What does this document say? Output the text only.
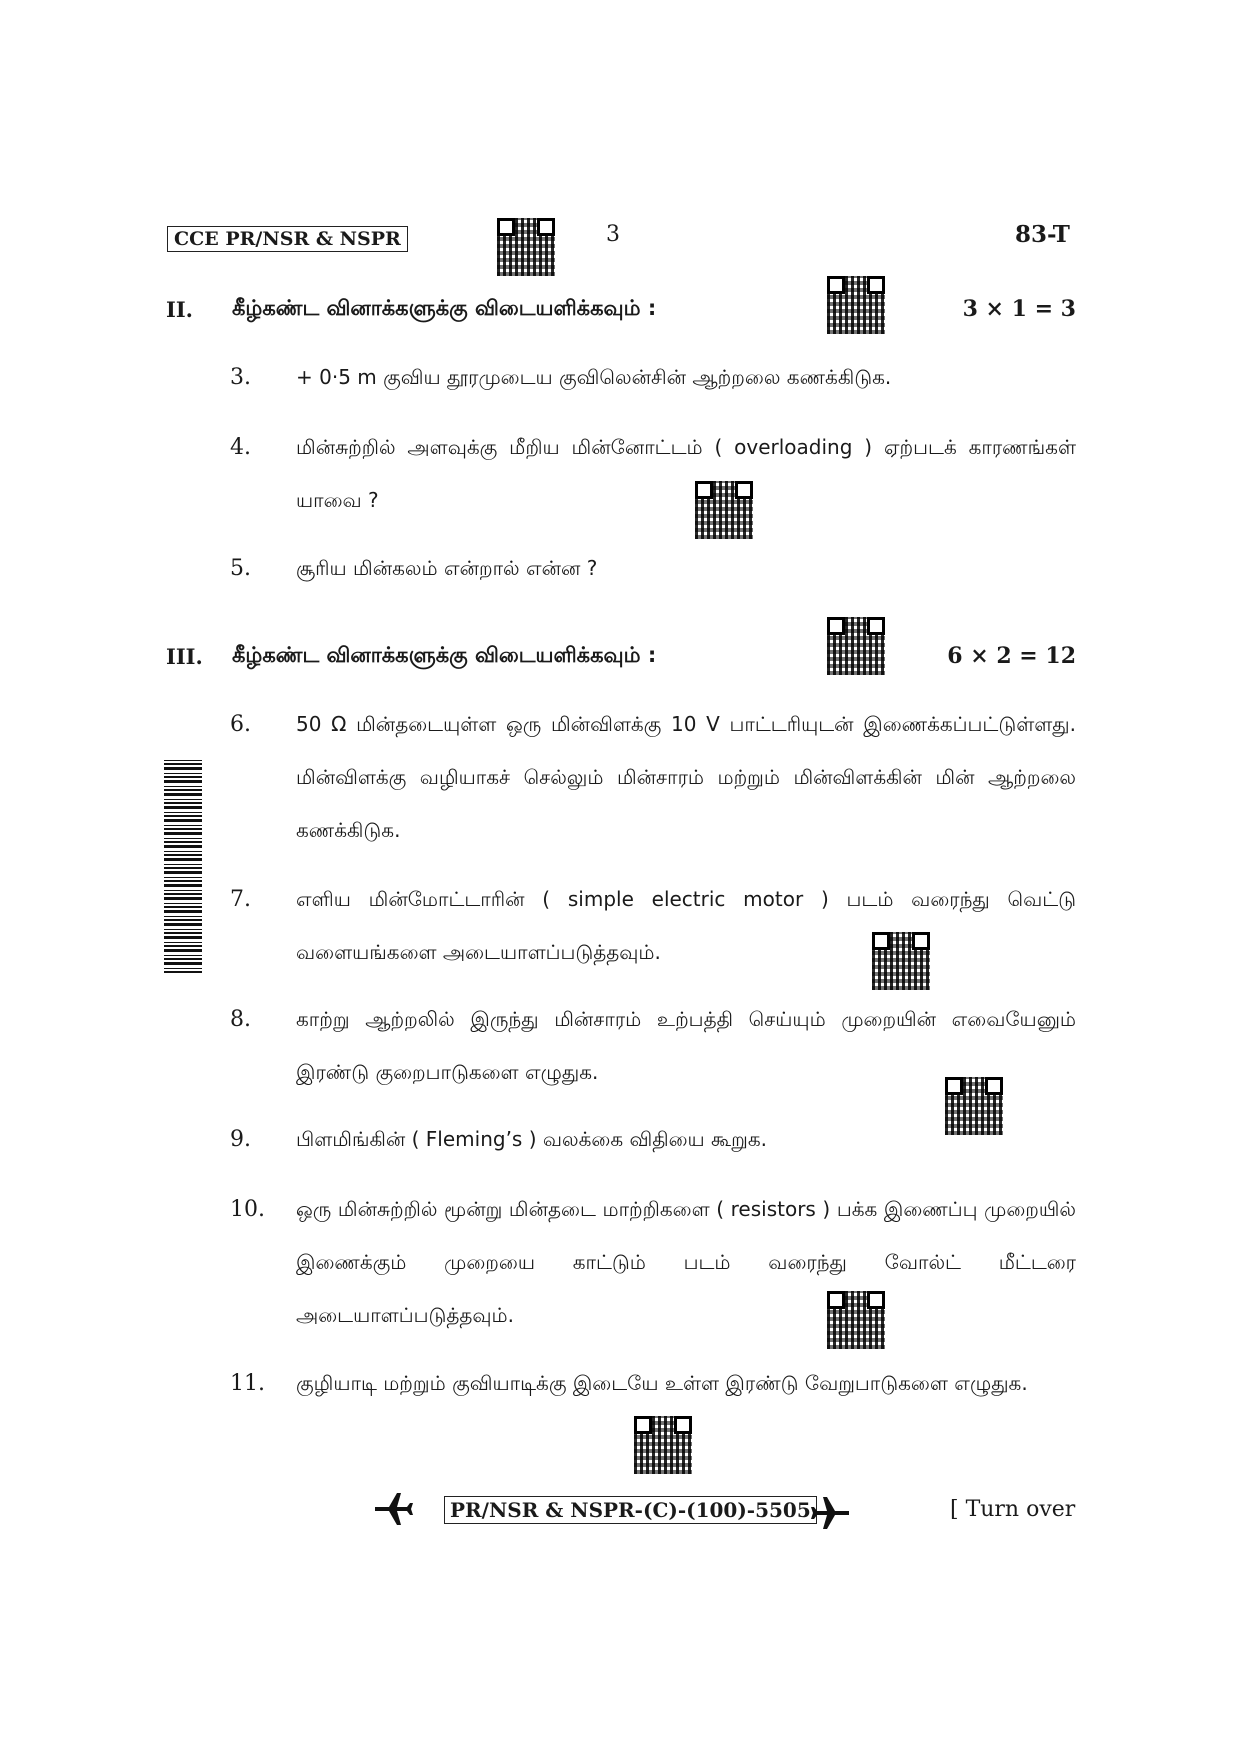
CCE PR/NSR & NSPR	3	83-T
II. கீழ்கண்ட வினாக்களுக்கு விடையளிக்கவும் :	3 × 1 = 3
3. + 0·5 m குவிய தூரமுடைய குவிலென்சின் ஆற்றலை கணக்கிடுக.
4. மின்சுற்றில் அளவுக்கு மீறிய மின்னோட்டம் ( overloading ) ஏற்படக் காரணங்கள் யாவை ?
5. சூரிய மின்கலம் என்றால் என்ன ?
III. கீழ்கண்ட வினாக்களுக்கு விடையளிக்கவும் :	6 × 2 = 12
6. 50 Ω மின்தடையுள்ள ஒரு மின்விளக்கு 10 V பாட்டரியுடன் இணைக்கப்பட்டுள்ளது. மின்விளக்கு வழியாகச் செல்லும் மின்சாரம் மற்றும் மின்விளக்கின் மின் ஆற்றலை கணக்கிடுக.
7. எளிய மின்மோட்டாரின் ( simple electric motor ) படம் வரைந்து வெட்டு வளையங்களை அடையாளப்படுத்தவும்.
8. காற்று ஆற்றலில் இருந்து மின்சாரம் உற்பத்தி செய்யும் முறையின் எவையேனும் இரண்டு குறைபாடுகளை எழுதுக.
9. பிளமிங்கின் ( Fleming’s ) வலக்கை விதியை கூறுக.
10. ஒரு மின்சுற்றில் மூன்று மின்தடை மாற்றிகளை ( resistors ) பக்க இணைப்பு முறையில் இணைக்கும் முறையை காட்டும் படம் வரைந்து வோல்ட் மீட்டரை அடையாளப்படுத்தவும்.
11. குழியாடி மற்றும் குவியாடிக்கு இடையே உள்ள இரண்டு வேறுபாடுகளை எழுதுக.
PR/NSR & NSPR-(C)-(100)-5505	[ Turn over
